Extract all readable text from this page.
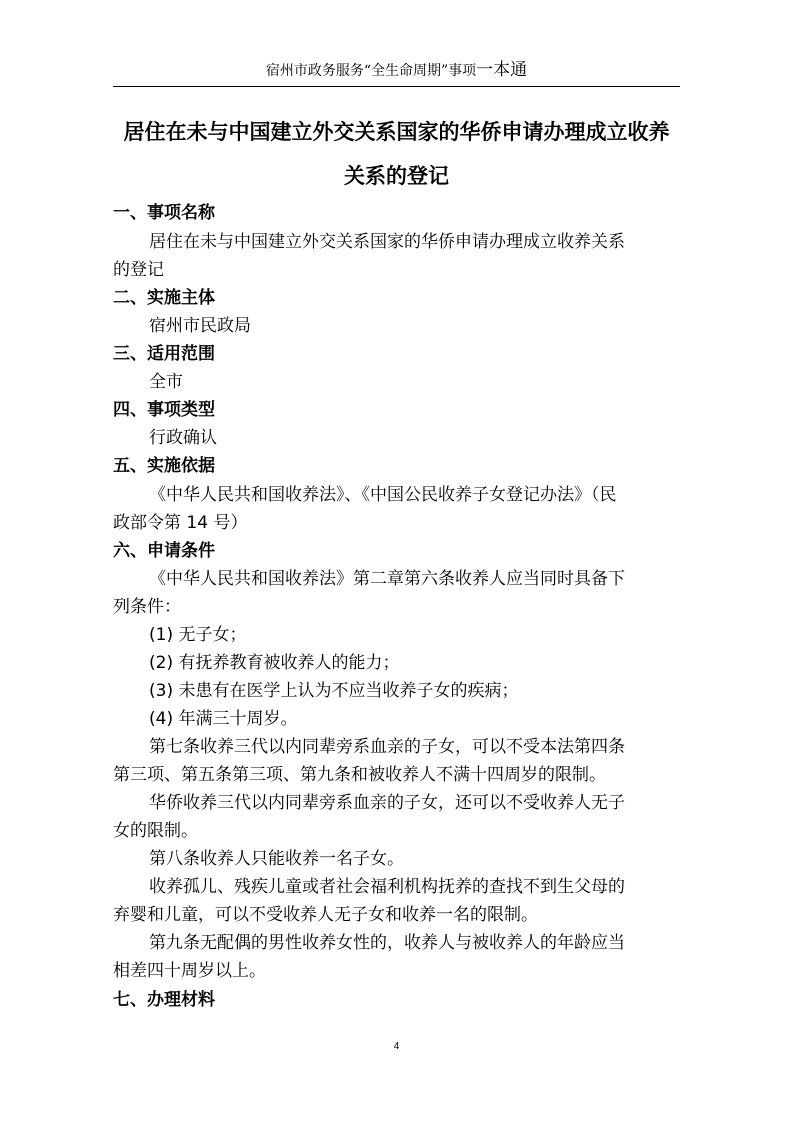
宿州市政务服务“全生命周期”事项一本通
居住在未与中国建立外交关系国家的华侨申请办理成立收养
关系的登记
一、事项名称
居住在未与中国建立外交关系国家的华侨申请办理成立收养关系
的登记
二、实施主体
宿州市民政局
三、适用范围
全市
四、事项类型
行政确认
五、实施依据
《中华人民共和国收养法》、《中国公民收养子女登记办法》（民
政部令第 14 号）
六、申请条件
《中华人民共和国收养法》第二章第六条收养人应当同时具备下
列条件：
(1) 无子女；
(2) 有抚养教育被收养人的能力；
(3) 未患有在医学上认为不应当收养子女的疾病；
(4) 年满三十周岁。
第七条收养三代以内同辈旁系血亲的子女，可以不受本法第四条
第三项、第五条第三项、第九条和被收养人不满十四周岁的限制。
华侨收养三代以内同辈旁系血亲的子女，还可以不受收养人无子
女的限制。
第八条收养人只能收养一名子女。
收养孤儿、残疾儿童或者社会福利机构抚养的查找不到生父母的
弃婴和儿童，可以不受收养人无子女和收养一名的限制。
第九条无配偶的男性收养女性的，收养人与被收养人的年龄应当
相差四十周岁以上。
七、办理材料
4
